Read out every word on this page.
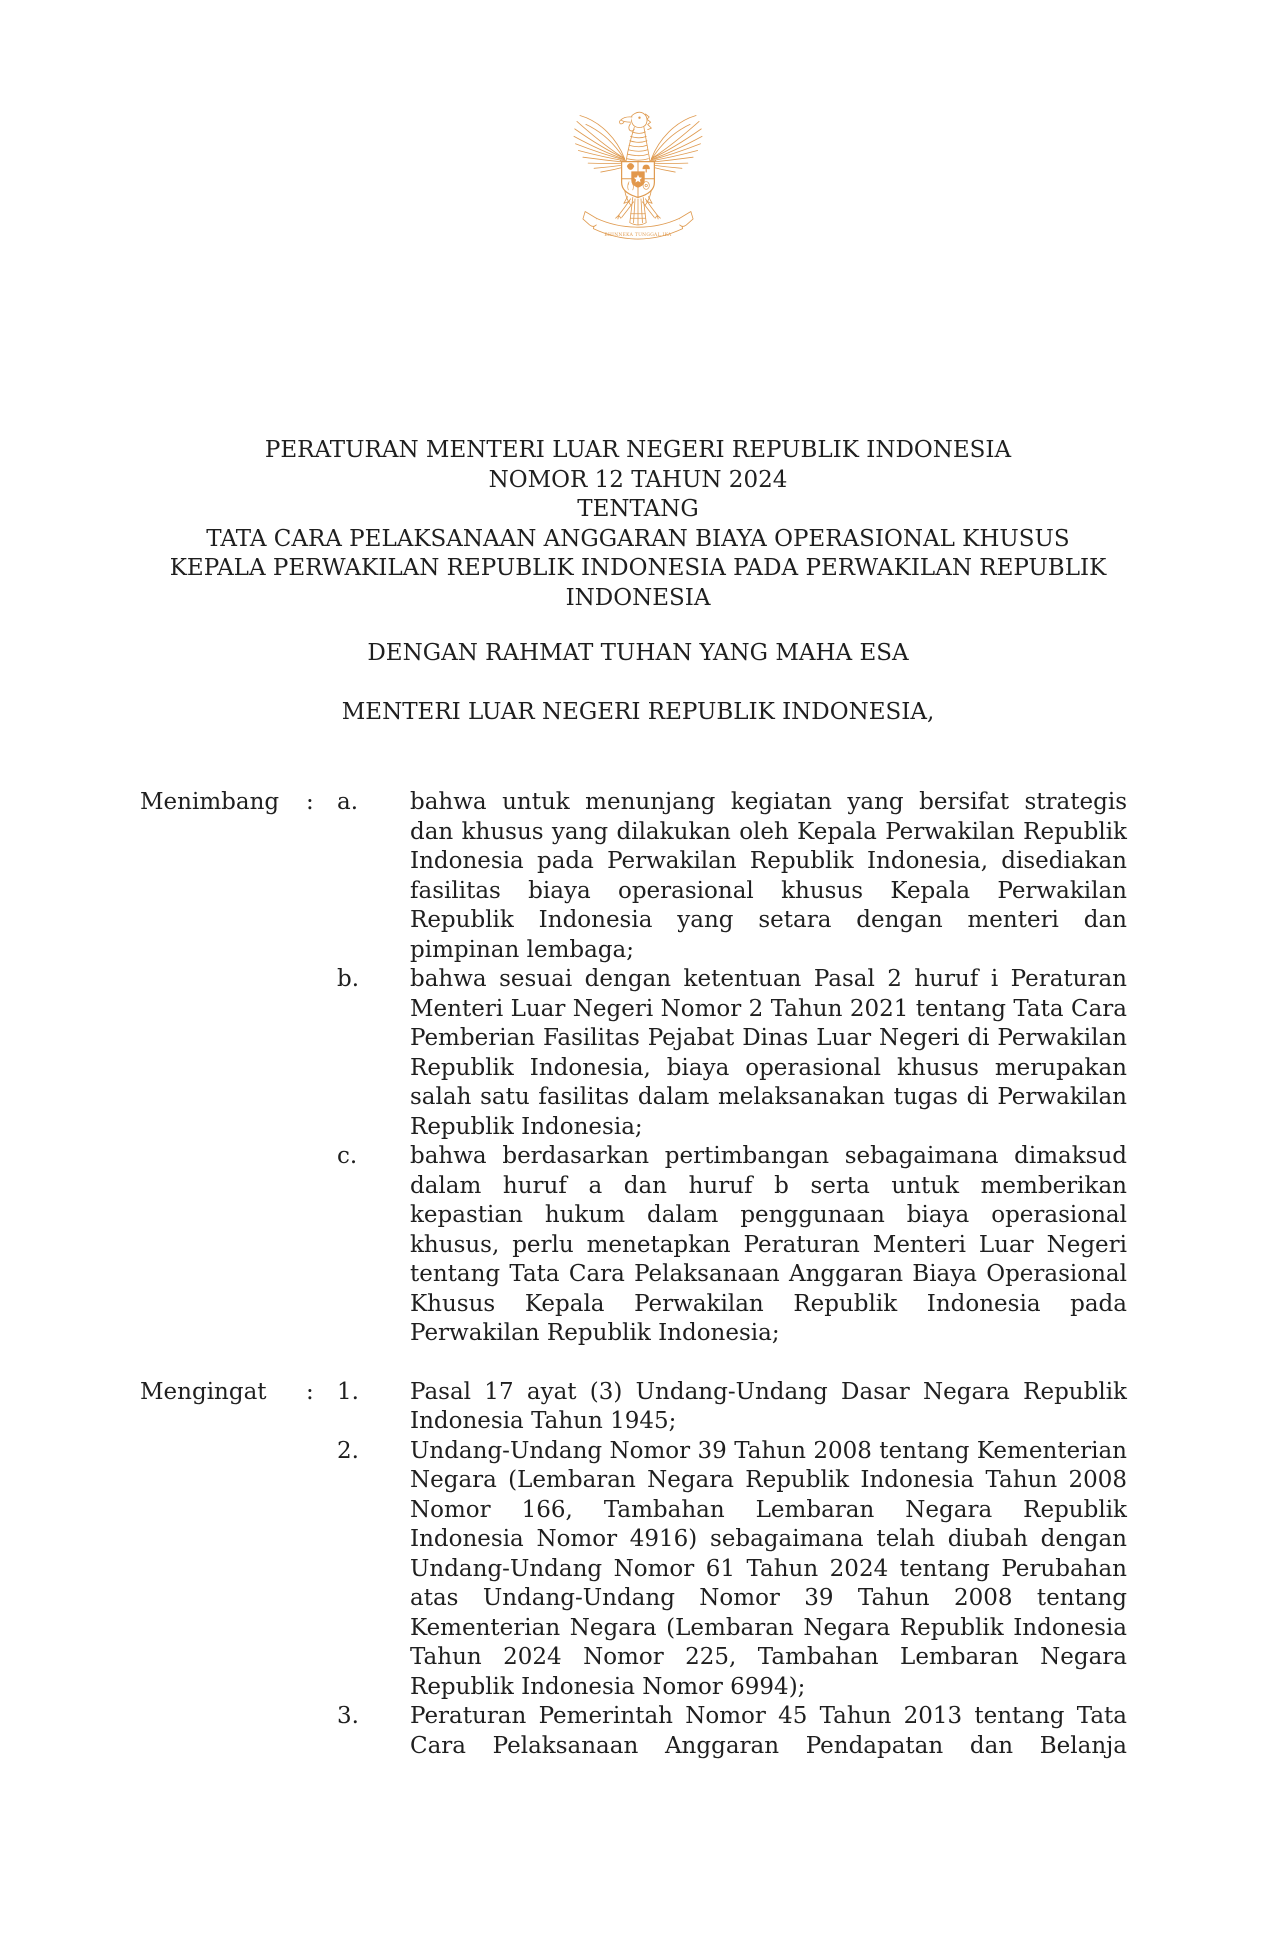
BHINNEKA TUNGGAL IKA
PERATURAN MENTERI LUAR NEGERI REPUBLIK INDONESIA
NOMOR 12 TAHUN 2024
TENTANG
TATA CARA PELAKSANAAN ANGGARAN BIAYA OPERASIONAL KHUSUS
KEPALA PERWAKILAN REPUBLIK INDONESIA PADA PERWAKILAN REPUBLIK
INDONESIA
DENGAN RAHMAT TUHAN YANG MAHA ESA
MENTERI LUAR NEGERI REPUBLIK INDONESIA,
Menimbang	:	a.	bahwa untuk menunjang kegiatan yang bersifat strategis dan khusus yang dilakukan oleh Kepala Perwakilan Republik Indonesia pada Perwakilan Republik Indonesia, disediakan fasilitas biaya operasional khusus Kepala Perwakilan Republik Indonesia yang setara dengan menteri dan pimpinan lembaga;
b.	bahwa sesuai dengan ketentuan Pasal 2 huruf i Peraturan Menteri Luar Negeri Nomor 2 Tahun 2021 tentang Tata Cara Pemberian Fasilitas Pejabat Dinas Luar Negeri di Perwakilan Republik Indonesia, biaya operasional khusus merupakan salah satu fasilitas dalam melaksanakan tugas di Perwakilan Republik Indonesia;
c.	bahwa berdasarkan pertimbangan sebagaimana dimaksud dalam huruf a dan huruf b serta untuk memberikan kepastian hukum dalam penggunaan biaya operasional khusus, perlu menetapkan Peraturan Menteri Luar Negeri tentang Tata Cara Pelaksanaan Anggaran Biaya Operasional Khusus Kepala Perwakilan Republik Indonesia pada Perwakilan Republik Indonesia;
Mengingat	:	1.	Pasal 17 ayat (3) Undang-Undang Dasar Negara Republik Indonesia Tahun 1945;
2.	Undang-Undang Nomor 39 Tahun 2008 tentang Kementerian Negara (Lembaran Negara Republik Indonesia Tahun 2008 Nomor 166, Tambahan Lembaran Negara Republik Indonesia Nomor 4916) sebagaimana telah diubah dengan Undang-Undang Nomor 61 Tahun 2024 tentang Perubahan atas Undang-Undang Nomor 39 Tahun 2008 tentang Kementerian Negara (Lembaran Negara Republik Indonesia Tahun 2024 Nomor 225, Tambahan Lembaran Negara Republik Indonesia Nomor 6994);
3.	Peraturan Pemerintah Nomor 45 Tahun 2013 tentang Tata Cara Pelaksanaan Anggaran Pendapatan dan Belanja
